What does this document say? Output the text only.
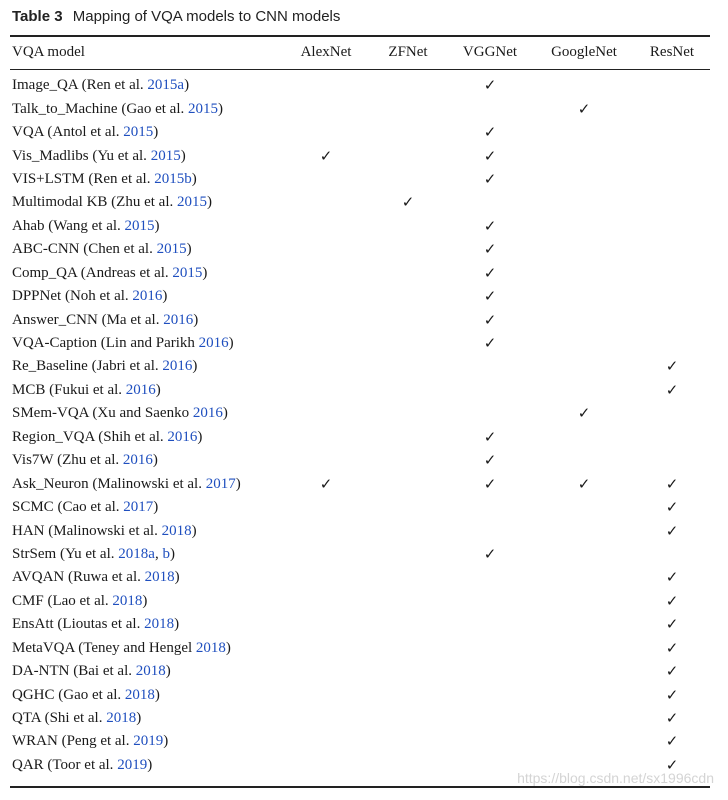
Table 3 Mapping of VQA models to CNN models
VQA model	AlexNet	ZFNet	VGGNet	GoogleNet	ResNet
Image_QA (Ren et al. 2015a)			✓		
Talk_to_Machine (Gao et al. 2015)				✓	
VQA (Antol et al. 2015)			✓		
Vis_Madlibs (Yu et al. 2015)	✓		✓		
VIS+LSTM (Ren et al. 2015b)			✓		
Multimodal KB (Zhu et al. 2015)		✓			
Ahab (Wang et al. 2015)			✓		
ABC-CNN (Chen et al. 2015)			✓		
Comp_QA (Andreas et al. 2015)			✓		
DPPNet (Noh et al. 2016)			✓		
Answer_CNN (Ma et al. 2016)			✓		
VQA-Caption (Lin and Parikh 2016)			✓		
Re_Baseline (Jabri et al. 2016)					✓
MCB (Fukui et al. 2016)					✓
SMem-VQA (Xu and Saenko 2016)				✓	
Region_VQA (Shih et al. 2016)			✓		
Vis7W (Zhu et al. 2016)			✓		
Ask_Neuron (Malinowski et al. 2017)	✓		✓	✓	✓
SCMC (Cao et al. 2017)					✓
HAN (Malinowski et al. 2018)					✓
StrSem (Yu et al. 2018a, b)			✓		
AVQAN (Ruwa et al. 2018)					✓
CMF (Lao et al. 2018)					✓
EnsAtt (Lioutas et al. 2018)					✓
MetaVQA (Teney and Hengel 2018)					✓
DA-NTN (Bai et al. 2018)					✓
QGHC (Gao et al. 2018)					✓
QTA (Shi et al. 2018)					✓
WRAN (Peng et al. 2019)					✓
QAR (Toor et al. 2019)					✓
https://blog.csdn.net/sx1996cdn
